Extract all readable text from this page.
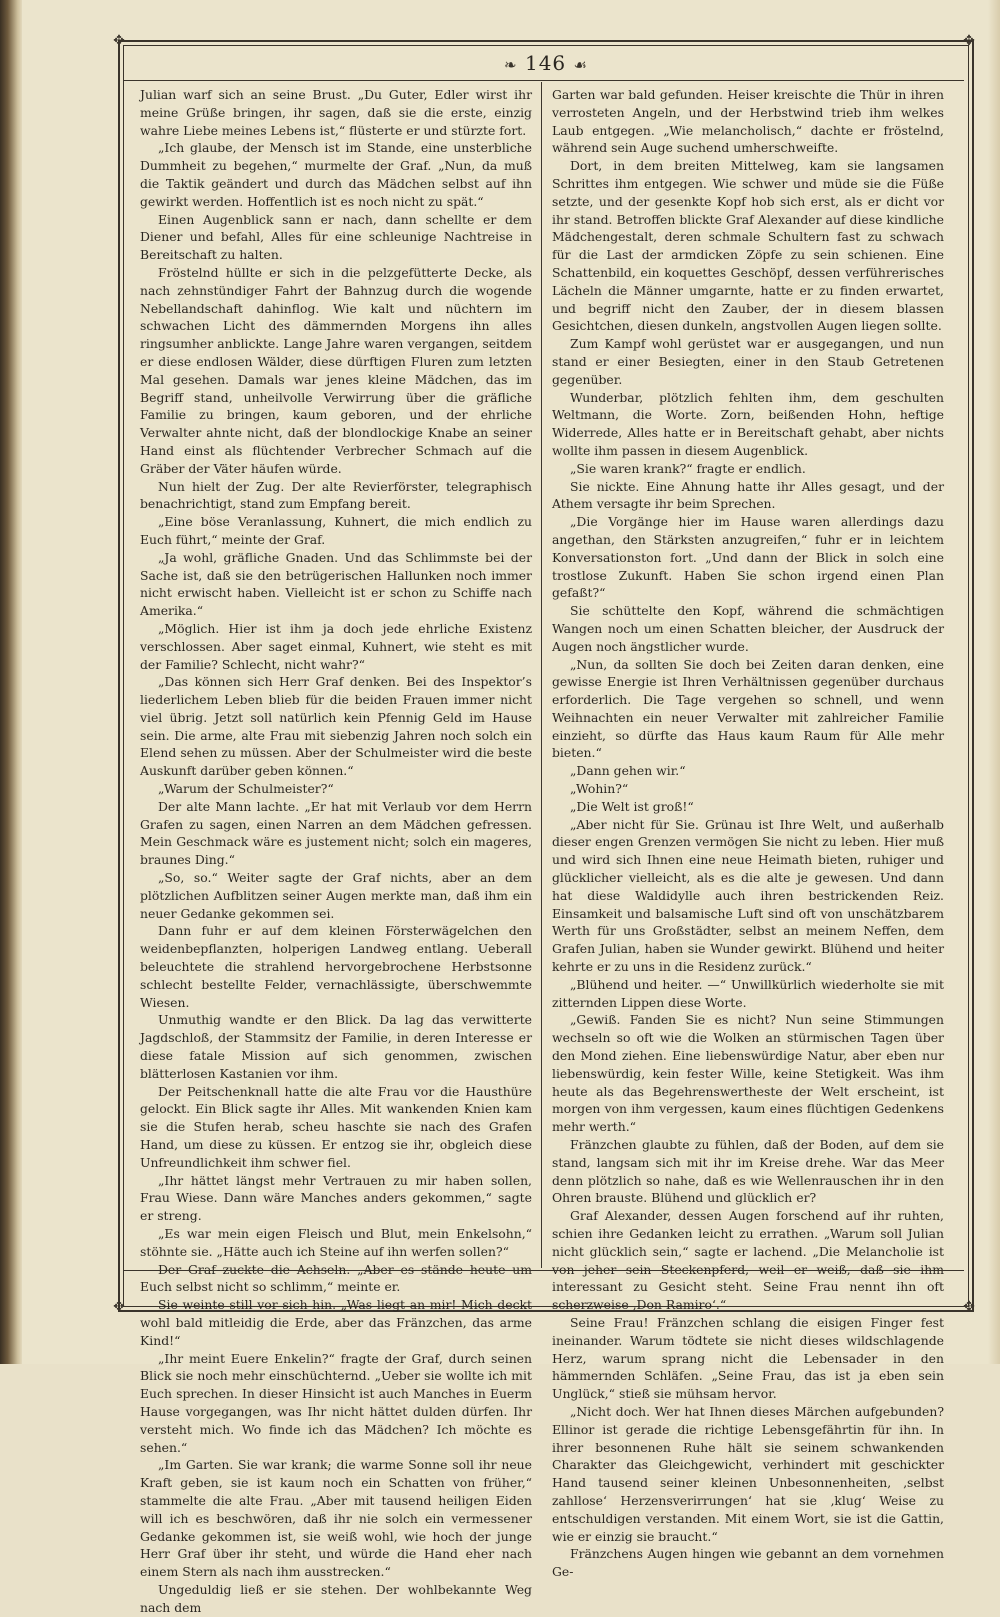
✥	✥
✥	✥
❧ 146 ☙

Julian warf sich an seine Brust. „Du Guter, Edler wirst ihr meine Grüße bringen, ihr sagen, daß sie die erste, einzig wahre Liebe meines Lebens ist,“ flüsterte er und stürzte fort.

„Ich glaube, der Mensch ist im Stande, eine unsterbliche Dummheit zu begehen,“ murmelte der Graf. „Nun, da muß die Taktik geändert und durch das Mädchen selbst auf ihn gewirkt werden. Hoffentlich ist es noch nicht zu spät.“

Einen Augenblick sann er nach, dann schellte er dem Diener und befahl, Alles für eine schleunige Nachtreise in Bereitschaft zu halten.

Fröstelnd hüllte er sich in die pelzgefütterte Decke, als nach zehnstündiger Fahrt der Bahnzug durch die wogende Nebellandschaft dahinflog. Wie kalt und nüchtern im schwachen Licht des dämmernden Morgens ihn alles ringsumher anblickte. Lange Jahre waren vergangen, seitdem er diese endlosen Wälder, diese dürftigen Fluren zum letzten Mal gesehen. Damals war jenes kleine Mädchen, das im Begriff stand, unheilvolle Verwirrung über die gräfliche Familie zu bringen, kaum geboren, und der ehrliche Verwalter ahnte nicht, daß der blondlockige Knabe an seiner Hand einst als flüchtender Verbrecher Schmach auf die Gräber der Väter häufen würde.

Nun hielt der Zug. Der alte Revierförster, telegraphisch benachrichtigt, stand zum Empfang bereit.

„Eine böse Veranlassung, Kuhnert, die mich endlich zu Euch führt,“ meinte der Graf.

„Ja wohl, gräfliche Gnaden. Und das Schlimmste bei der Sache ist, daß sie den betrügerischen Hallunken noch immer nicht erwischt haben. Vielleicht ist er schon zu Schiffe nach Amerika.“

„Möglich. Hier ist ihm ja doch jede ehrliche Existenz verschlossen. Aber saget einmal, Kuhnert, wie steht es mit der Familie? Schlecht, nicht wahr?“

„Das können sich Herr Graf denken. Bei des Inspektor’s liederlichem Leben blieb für die beiden Frauen immer nicht viel übrig. Jetzt soll natürlich kein Pfennig Geld im Hause sein. Die arme, alte Frau mit siebenzig Jahren noch solch ein Elend sehen zu müssen. Aber der Schulmeister wird die beste Auskunft darüber geben können.“

„Warum der Schulmeister?“

Der alte Mann lachte. „Er hat mit Verlaub vor dem Herrn Grafen zu sagen, einen Narren an dem Mädchen gefressen. Mein Geschmack wäre es justement nicht; solch ein mageres, braunes Ding.“

„So, so.“ Weiter sagte der Graf nichts, aber an dem plötzlichen Aufblitzen seiner Augen merkte man, daß ihm ein neuer Gedanke gekommen sei.

Dann fuhr er auf dem kleinen Försterwägelchen den weidenbepflanzten, holperigen Landweg entlang. Ueberall beleuchtete die strahlend hervorgebrochene Herbstsonne schlecht bestellte Felder, vernachlässigte, überschwemmte Wiesen.

Unmuthig wandte er den Blick. Da lag das verwitterte Jagdschloß, der Stammsitz der Familie, in deren Interesse er diese fatale Mission auf sich genommen, zwischen blätterlosen Kastanien vor ihm.

Der Peitschenknall hatte die alte Frau vor die Hausthüre gelockt. Ein Blick sagte ihr Alles. Mit wankenden Knien kam sie die Stufen herab, scheu haschte sie nach des Grafen Hand, um diese zu küssen. Er entzog sie ihr, obgleich diese Unfreundlichkeit ihm schwer fiel.

„Ihr hättet längst mehr Vertrauen zu mir haben sollen, Frau Wiese. Dann wäre Manches anders gekommen,“ sagte er streng.

„Es war mein eigen Fleisch und Blut, mein Enkelsohn,“ stöhnte sie. „Hätte auch ich Steine auf ihn werfen sollen?“

Der Graf zuckte die Achseln. „Aber es stände heute um Euch selbst nicht so schlimm,“ meinte er.

Sie weinte still vor sich hin. „Was liegt an mir! Mich deckt wohl bald mitleidig die Erde, aber das Fränzchen, das arme Kind!“

„Ihr meint Euere Enkelin?“ fragte der Graf, durch seinen Blick sie noch mehr einschüchternd. „Ueber sie wollte ich mit Euch sprechen. In dieser Hinsicht ist auch Manches in Euerm Hause vorgegangen, was Ihr nicht hättet dulden dürfen. Ihr versteht mich. Wo finde ich das Mädchen? Ich möchte es sehen.“

„Im Garten. Sie war krank; die warme Sonne soll ihr neue Kraft geben, sie ist kaum noch ein Schatten von früher,“ stammelte die alte Frau. „Aber mit tausend heiligen Eiden will ich es beschwören, daß ihr nie solch ein vermessener Gedanke gekommen ist, sie weiß wohl, wie hoch der junge Herr Graf über ihr steht, und würde die Hand eher nach einem Stern als nach ihm ausstrecken.“

Ungeduldig ließ er sie stehen. Der wohlbekannte Weg nach dem

Garten war bald gefunden. Heiser kreischte die Thür in ihren verrosteten Angeln, und der Herbstwind trieb ihm welkes Laub entgegen. „Wie melancholisch,“ dachte er fröstelnd, während sein Auge suchend umherschweifte.

Dort, in dem breiten Mittelweg, kam sie langsamen Schrittes ihm entgegen. Wie schwer und müde sie die Füße setzte, und der gesenkte Kopf hob sich erst, als er dicht vor ihr stand. Betroffen blickte Graf Alexander auf diese kindliche Mädchengestalt, deren schmale Schultern fast zu schwach für die Last der armdicken Zöpfe zu sein schienen. Eine Schattenbild, ein koquettes Geschöpf, dessen verführerisches Lächeln die Männer umgarnte, hatte er zu finden erwartet, und begriff nicht den Zauber, der in diesem blassen Gesichtchen, diesen dunkeln, angstvollen Augen liegen sollte.

Zum Kampf wohl gerüstet war er ausgegangen, und nun stand er einer Besiegten, einer in den Staub Getretenen gegenüber.

Wunderbar, plötzlich fehlten ihm, dem geschulten Weltmann, die Worte. Zorn, beißenden Hohn, heftige Widerrede, Alles hatte er in Bereitschaft gehabt, aber nichts wollte ihm passen in diesem Augenblick.

„Sie waren krank?“ fragte er endlich.

Sie nickte. Eine Ahnung hatte ihr Alles gesagt, und der Athem versagte ihr beim Sprechen.

„Die Vorgänge hier im Hause waren allerdings dazu angethan, den Stärksten anzugreifen,“ fuhr er in leichtem Konversationston fort. „Und dann der Blick in solch eine trostlose Zukunft. Haben Sie schon irgend einen Plan gefaßt?“

Sie schüttelte den Kopf, während die schmächtigen Wangen noch um einen Schatten bleicher, der Ausdruck der Augen noch ängstlicher wurde.

„Nun, da sollten Sie doch bei Zeiten daran denken, eine gewisse Energie ist Ihren Verhältnissen gegenüber durchaus erforderlich. Die Tage vergehen so schnell, und wenn Weihnachten ein neuer Verwalter mit zahlreicher Familie einzieht, so dürfte das Haus kaum Raum für Alle mehr bieten.“

„Dann gehen wir.“

„Wohin?“

„Die Welt ist groß!“

„Aber nicht für Sie. Grünau ist Ihre Welt, und außerhalb dieser engen Grenzen vermögen Sie nicht zu leben. Hier muß und wird sich Ihnen eine neue Heimath bieten, ruhiger und glücklicher vielleicht, als es die alte je gewesen. Und dann hat diese Waldidylle auch ihren bestrickenden Reiz. Einsamkeit und balsamische Luft sind oft von unschätzbarem Werth für uns Großstädter, selbst an meinem Neffen, dem Grafen Julian, haben sie Wunder gewirkt. Blühend und heiter kehrte er zu uns in die Residenz zurück.“

„Blühend und heiter. —“ Unwillkürlich wiederholte sie mit zitternden Lippen diese Worte.

„Gewiß. Fanden Sie es nicht? Nun seine Stimmungen wechseln so oft wie die Wolken an stürmischen Tagen über den Mond ziehen. Eine liebenswürdige Natur, aber eben nur liebenswürdig, kein fester Wille, keine Stetigkeit. Was ihm heute als das Begehrenswertheste der Welt erscheint, ist morgen von ihm vergessen, kaum eines flüchtigen Gedenkens mehr werth.“

Fränzchen glaubte zu fühlen, daß der Boden, auf dem sie stand, langsam sich mit ihr im Kreise drehe. War das Meer denn plötzlich so nahe, daß es wie Wellenrauschen ihr in den Ohren brauste. Blühend und glücklich er?

Graf Alexander, dessen Augen forschend auf ihr ruhten, schien ihre Gedanken leicht zu errathen. „Warum soll Julian nicht glücklich sein,“ sagte er lachend. „Die Melancholie ist von jeher sein Steckenpferd, weil er weiß, daß sie ihm interessant zu Gesicht steht. Seine Frau nennt ihn oft scherzweise ‚Don Ramiro‘.“

Seine Frau! Fränzchen schlang die eisigen Finger fest ineinander. Warum tödtete sie nicht dieses wildschlagende Herz, warum sprang nicht die Lebensader in den hämmernden Schläfen. „Seine Frau, das ist ja eben sein Unglück,“ stieß sie mühsam hervor.

„Nicht doch. Wer hat Ihnen dieses Märchen aufgebunden? Ellinor ist gerade die richtige Lebensgefährtin für ihn. In ihrer besonnenen Ruhe hält sie seinem schwankenden Charakter das Gleichgewicht, verhindert mit geschickter Hand tausend seiner kleinen Unbesonnenheiten, ‚selbst zahllose‘ Herzensverirrungen‘ hat sie ‚klug‘ Weise zu entschuldigen verstanden. Mit einem Wort, sie ist die Gattin, wie er einzig sie braucht.“

Fränzchens Augen hingen wie gebannt an dem vornehmen Ge-
